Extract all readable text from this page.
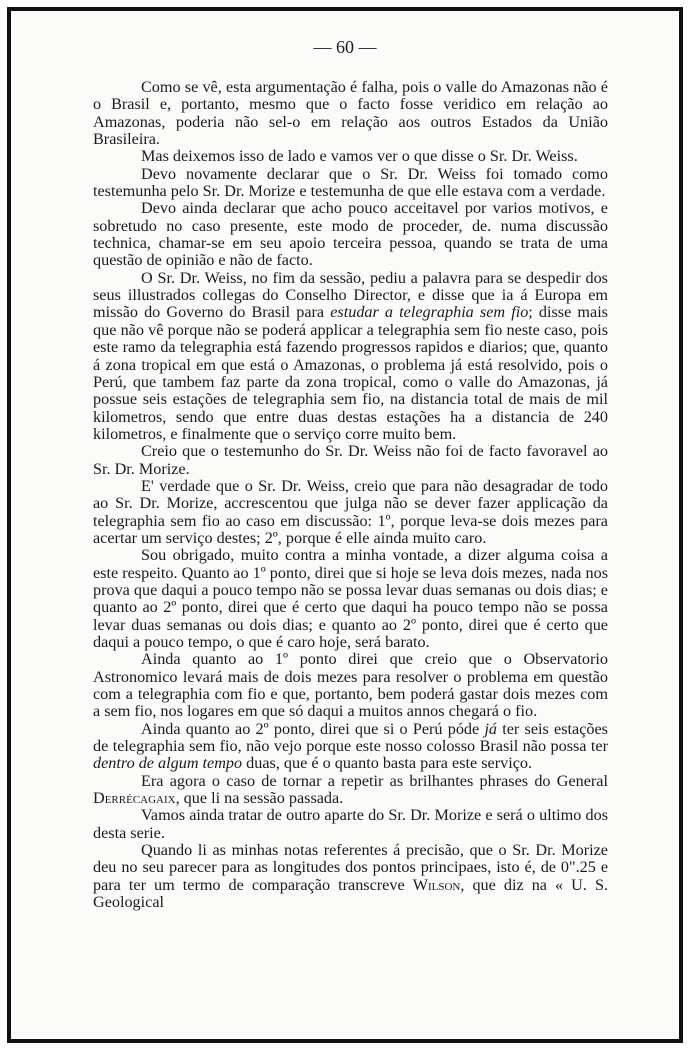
— 60 —

Como se vê, esta argumentação é falha, pois o valle do Amazonas não é o Brasil e, portanto, mesmo que o facto fosse veridico em relação ao Amazonas, poderia não sel-o em relação aos outros Estados da União Brasileira.

Mas deixemos isso de lado e vamos ver o que disse o Sr. Dr. Weiss.

Devo novamente declarar que o Sr. Dr. Weiss foi tomado como testemunha pelo Sr. Dr. Morize e testemunha de que elle estava com a verdade.

Devo ainda declarar que acho pouco acceitavel por varios motivos, e sobretudo no caso presente, este modo de proceder, de. numa discussão technica, chamar-se em seu apoio terceira pessoa, quando se trata de uma questão de opinião e não de facto.

O Sr. Dr. Weiss, no fim da sessão, pediu a palavra para se despedir dos seus illustrados collegas do Conselho Director, e disse que ia á Europa em missão do Governo do Brasil para estudar a telegraphia sem fio; disse mais que não vê porque não se poderá applicar a telegraphia sem fio neste caso, pois este ramo da telegraphia está fazendo progressos rapidos e diarios; que, quanto á zona tropical em que está o Amazonas, o problema já está resolvido, pois o Perú, que tambem faz parte da zona tropical, como o valle do Amazonas, já possue seis estações de telegraphia sem fio, na distancia total de mais de mil kilometros, sendo que entre duas destas estações ha a distancia de 240 kilometros, e finalmente que o serviço corre muito bem.

Creio que o testemunho do Sr. Dr. Weiss não foi de facto favoravel ao Sr. Dr. Morize.

E' verdade que o Sr. Dr. Weiss, creio que para não desagradar de todo ao Sr. Dr. Morize, accrescentou que julga não se dever fazer applicação da telegraphia sem fio ao caso em discussão: 1º, porque leva-se dois mezes para acertar um serviço destes; 2º, porque é elle ainda muito caro.

Sou obrigado, muito contra a minha vontade, a dizer alguma coisa a este respeito. Quanto ao 1º ponto, direi que si hoje se leva dois mezes, nada nos prova que daqui a pouco tempo não se possa levar duas semanas ou dois dias; e quanto ao 2º ponto, direi que é certo que daqui ha pouco tempo não se possa levar duas semanas ou dois dias; e quanto ao 2º ponto, direi que é certo que daqui a pouco tempo, o que é caro hoje, será barato.

Ainda quanto ao 1º ponto direi que creio que o Observatorio Astronomico levará mais de dois mezes para resolver o problema em questão com a telegraphia com fio e que, portanto, bem poderá gastar dois mezes com a sem fio, nos logares em que só daqui a muitos annos chegará o fio.

Ainda quanto ao 2º ponto, direi que si o Perú póde já ter seis estações de telegraphia sem fio, não vejo porque este nosso colosso Brasil não possa ter dentro de algum tempo duas, que é o quanto basta para este serviço.

Era agora o caso de tornar a repetir as brilhantes phrases do General Derrécagaix, que li na sessão passada.

Vamos ainda tratar de outro aparte do Sr. Dr. Morize e será o ultimo dos desta serie.

Quando li as minhas notas referentes á precisão, que o Sr. Dr. Morize deu no seu parecer para as longitudes dos pontos principaes, isto é, de 0".25 e para ter um termo de comparação transcreve Wilson, que diz na « U. S. Geological
